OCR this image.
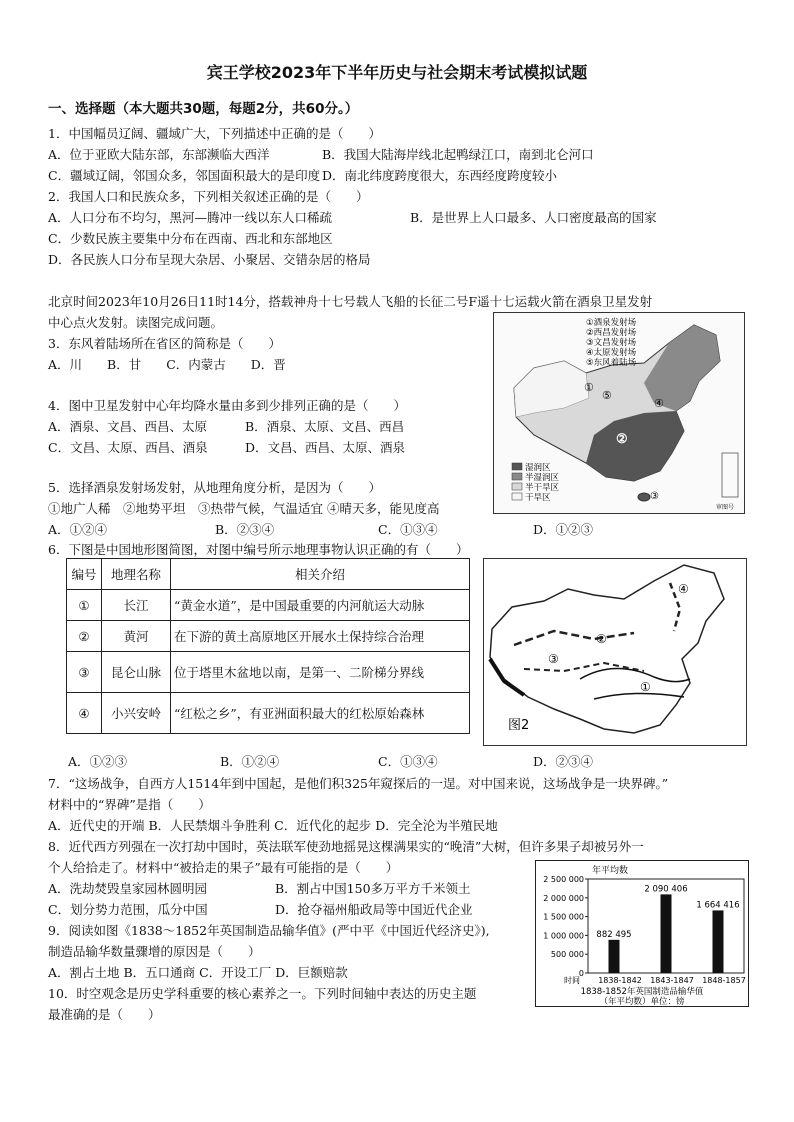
宾王学校2023年下半年历史与社会期末考试模拟试题
一、选择题（本大题共30题，每题2分，共60分。）
1．中国幅员辽阔、疆域广大，下列描述中正确的是（　　）
A．位于亚欧大陆东部，东部濒临大西洋	B．我国大陆海岸线北起鸭绿江口，南到北仑河口
C．疆域辽阔，邻国众多，邻国面积最大的是印度 D．南北纬度跨度很大，东西经度跨度较小
2．我国人口和民族众多，下列相关叙述正确的是（　　）
A．人口分布不均匀，黑河—腾冲一线以东人口稀疏	B．是世界上人口最多、人口密度最高的国家
C．少数民族主要集中分布在西南、西北和东部地区
D．各民族人口分布呈现大杂居、小聚居、交错杂居的格局
北京时间2023年10月26日11时14分，搭载神舟十七号载人飞船的长征二号F遥十七运载火箭在酒泉卫星发射
中心点火发射。读图完成问题。
①
②
③
④
⑤
①酒泉发射场
②西昌发射场
③文昌发射场
④太原发射场
⑤东风着陆场
湿润区
半湿润区
半干旱区
干旱区
审图号
3．东风着陆场所在省区的简称是（　　）
A．川　　B．甘　　C．内蒙古　　D．晋
4．图中卫星发射中心年均降水量由多到少排列正确的是（　　）
A．酒泉、文昌、西昌、太原	B．酒泉、太原、文昌、西昌
C．文昌、太原、西昌、酒泉	D．文昌、西昌、太原、酒泉
5．选择酒泉发射场发射，从地理角度分析，是因为（　　）
①地广人稀　②地势平坦　③热带气候，气温适宜 ④晴天多，能见度高
A．①②④	B．②③④	C．①③④	D．①②③
6．下图是中国地形图简图，对图中编号所示地理事物认识正确的有（　　）
编号	地理名称	相关介绍
①	长江	“黄金水道”，是中国最重要的内河航运大动脉
②	黄河	在下游的黄土高原地区开展水土保持综合治理
③	昆仑山脉	位于塔里木盆地以南，是第一、二阶梯分界线
④	小兴安岭	“红松之乡”，有亚洲面积最大的红松原始森林
④
②
③
①
图2
A．①②③	B．①②④	C．①③④	D．②③④
7．“这场战争，自西方人1514年到中国起，是他们积325年窥探后的一逞。对中国来说，这场战争是一块界碑。”
材料中的“界碑”是指（　　）
A．近代史的开端 B．人民禁烟斗争胜利 C．近代化的起步 D．完全沦为半殖民地
8．近代西方列强在一次打劫中国时，英法联军使劲地摇晃这棵满果实的“晚清”大树，但许多果子却被另外一
个人给拾走了。材料中“被拾走的果子”最有可能指的是（　　）
A．洗劫焚毁皇家园林圆明园	B．割占中国150多万平方千米领土
C．划分势力范围，瓜分中国	D．抢夺福州船政局等中国近代企业
9．阅读如图《1838～1852年英国制造品输华值》(严中平《中国近代经济史》),
制造品输华数量骤增的原因是（　　）
A．割占土地 B．五口通商 C．开设工厂 D．巨额赔款
10．时空观念是历史学科重要的核心素养之一。下列时间轴中表达的历史主题
最准确的是（　　）
年平均数
时间
1838-1852年英国制造品输华值
（年平均数）单位：镑
0
500 000
1 000 000
1 500 000
2 000 000
2 500 000
882 495
1838-1842
2 090 406
1843-1847
1 664 416
1848-1857
